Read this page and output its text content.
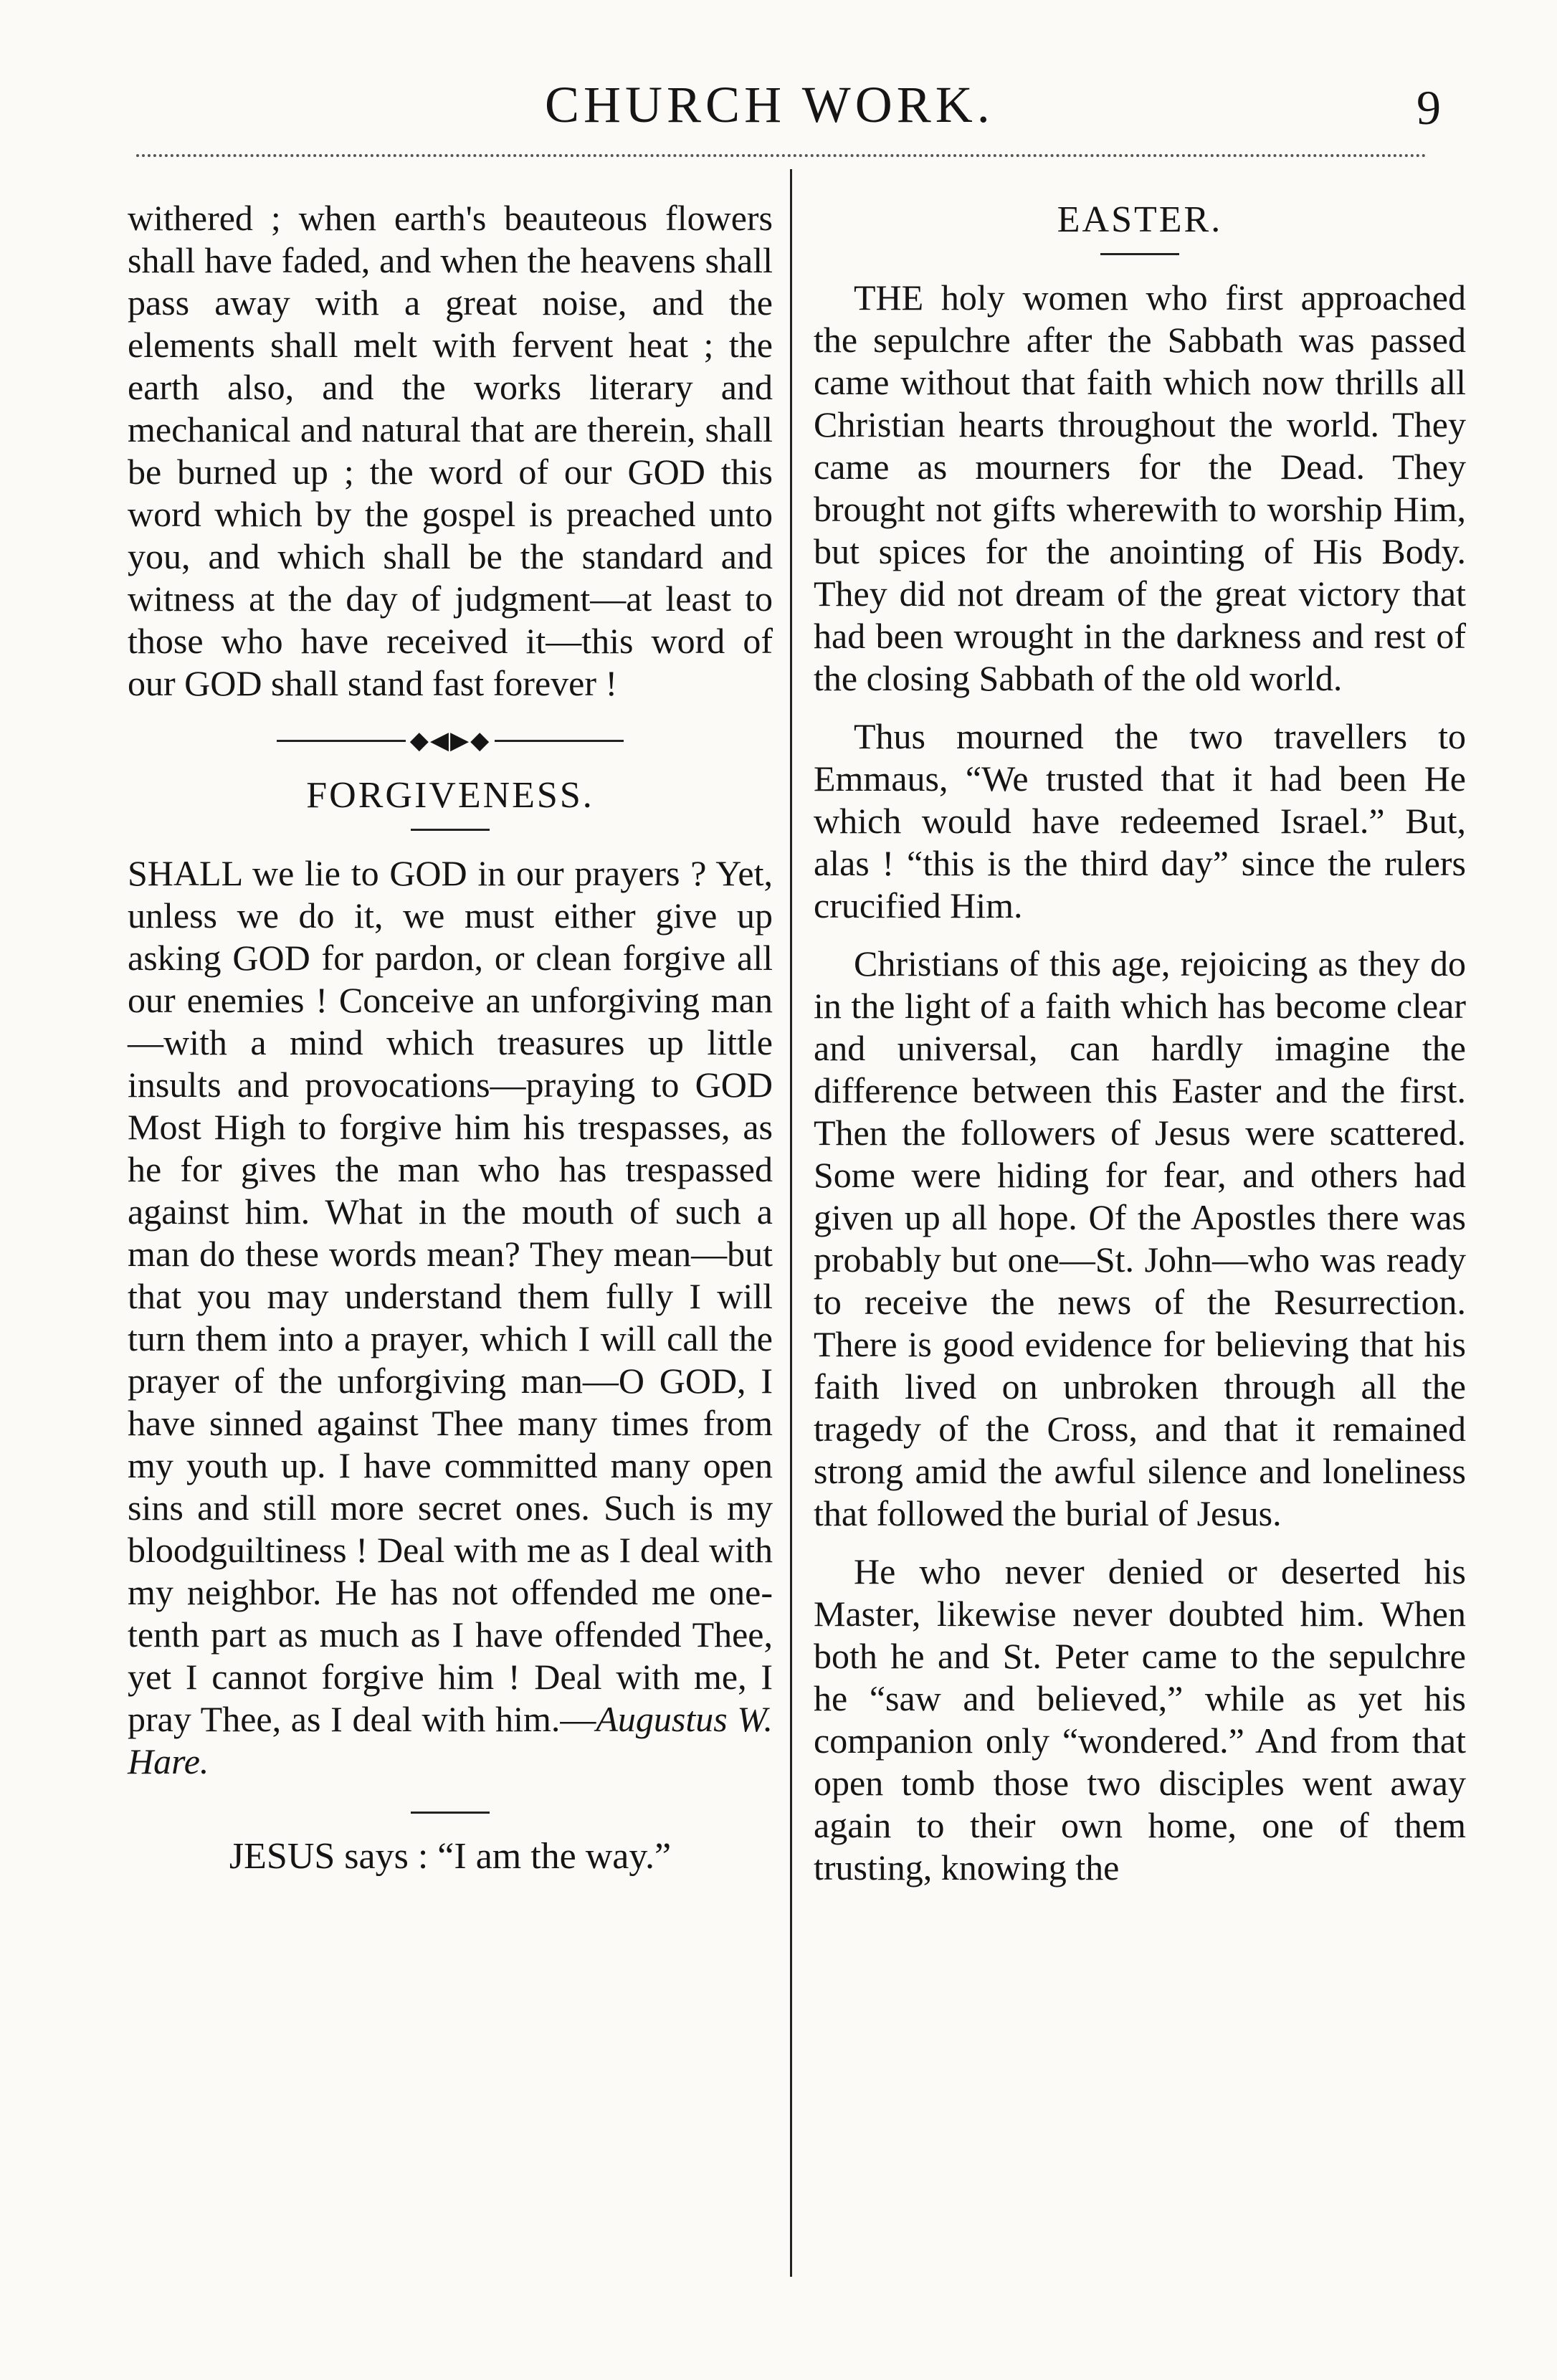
CHURCH WORK.	9

withered ; when earth's beauteous flowers shall have faded, and when the heavens shall pass away with a great noise, and the elements shall melt with fervent heat ; the earth also, and the works literary and mechanical and natural that are therein, shall be burned up ; the word of our GOD this word which by the gospel is preached unto you, and which shall be the standard and witness at the day of judgment—at least to those who have received it—this word of our GOD shall stand fast forever !

◆◀▶◆
FORGIVENESS.

SHALL we lie to GOD in our prayers ? Yet, unless we do it, we must either give up asking GOD for pardon, or clean forgive all our enemies ! Conceive an unforgiving man—with a mind which treasures up little insults and provocations—praying to GOD Most High to forgive him his trespasses, as he for gives the man who has trespassed against him. What in the mouth of such a man do these words mean? They mean—but that you may understand them fully I will turn them into a prayer, which I will call the prayer of the unforgiving man—O GOD, I have sinned against Thee many times from my youth up. I have committed many open sins and still more secret ones. Such is my bloodguiltiness ! Deal with me as I deal with my neighbor. He has not offended me one-tenth part as much as I have offended Thee, yet I cannot forgive him ! Deal with me, I pray Thee, as I deal with him.—Augustus W. Hare.

JESUS says : “I am the way.”
EASTER.

THE holy women who first approached the sepulchre after the Sabbath was passed came without that faith which now thrills all Christian hearts throughout the world. They came as mourners for the Dead. They brought not gifts wherewith to worship Him, but spices for the anointing of His Body. They did not dream of the great victory that had been wrought in the darkness and rest of the closing Sabbath of the old world.

Thus mourned the two travellers to Emmaus, “We trusted that it had been He which would have redeemed Israel.” But, alas ! “this is the third day” since the rulers crucified Him.

Christians of this age, rejoicing as they do in the light of a faith which has become clear and universal, can hardly imagine the difference between this Easter and the first. Then the followers of Jesus were scattered. Some were hiding for fear, and others had given up all hope. Of the Apostles there was probably but one—St. John—who was ready to receive the news of the Resurrection. There is good evidence for believing that his faith lived on unbroken through all the tragedy of the Cross, and that it remained strong amid the awful silence and loneliness that followed the burial of Jesus.

He who never denied or deserted his Master, likewise never doubted him. When both he and St. Peter came to the sepulchre he “saw and believed,” while as yet his companion only “wondered.” And from that open tomb those two disciples went away again to their own home, one of them trusting, knowing the
